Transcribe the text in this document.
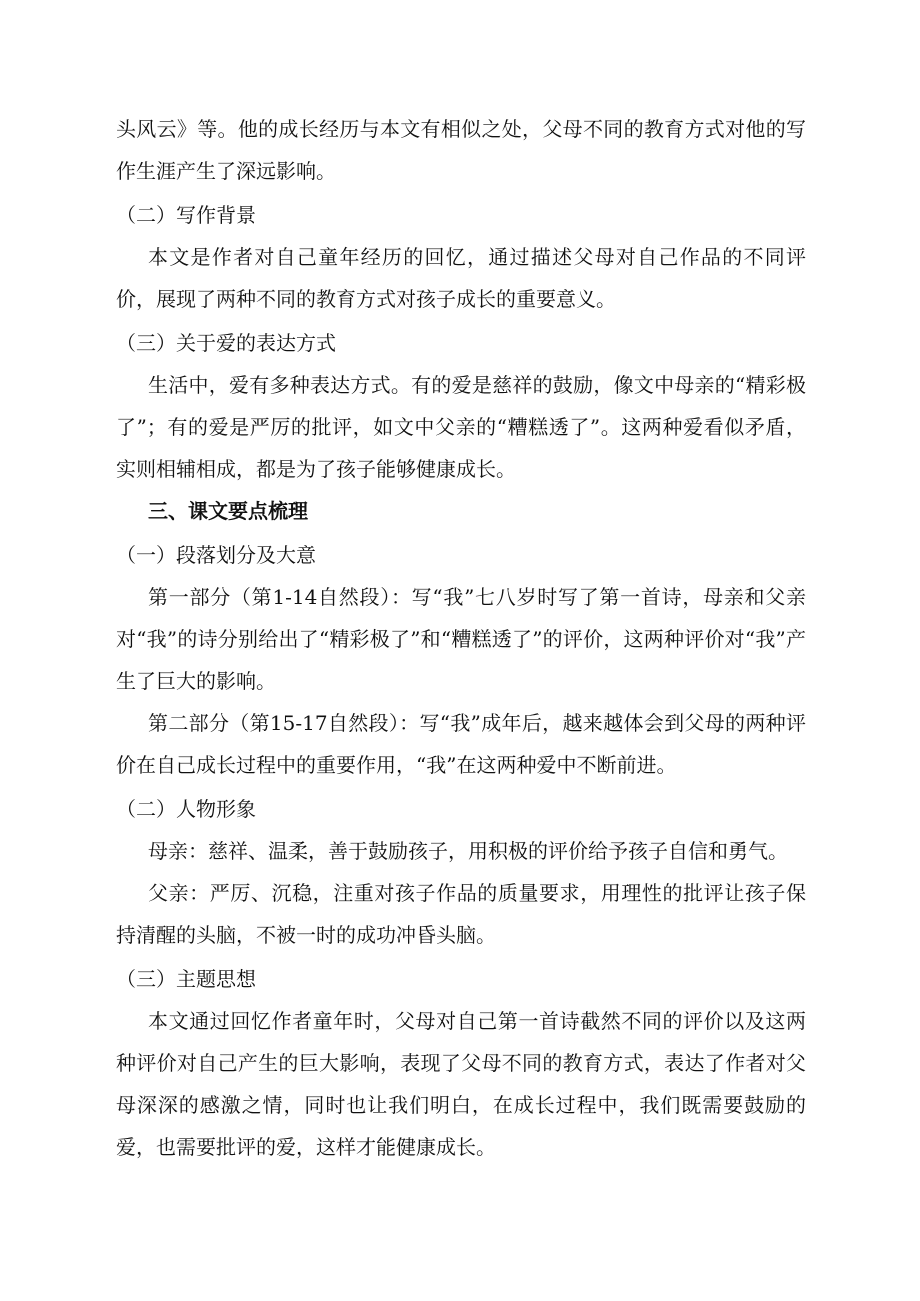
头风云》等。他的成长经历与本文有相似之处，父母不同的教育方式对他的写作生涯产生了深远影响。

（二）写作背景

本文是作者对自己童年经历的回忆，通过描述父母对自己作品的不同评价，展现了两种不同的教育方式对孩子成长的重要意义。

（三）关于爱的表达方式

生活中，爱有多种表达方式。有的爱是慈祥的鼓励，像文中母亲的“精彩极了”；有的爱是严厉的批评，如文中父亲的“糟糕透了”。这两种爱看似矛盾，实则相辅相成，都是为了孩子能够健康成长。

三、课文要点梳理

（一）段落划分及大意

第一部分（第1-14自然段）：写“我”七八岁时写了第一首诗，母亲和父亲对“我”的诗分别给出了“精彩极了”和“糟糕透了”的评价，这两种评价对“我”产生了巨大的影响。

第二部分（第15-17自然段）：写“我”成年后，越来越体会到父母的两种评价在自己成长过程中的重要作用，“我”在这两种爱中不断前进。

（二）人物形象

母亲：慈祥、温柔，善于鼓励孩子，用积极的评价给予孩子自信和勇气。

父亲：严厉、沉稳，注重对孩子作品的质量要求，用理性的批评让孩子保持清醒的头脑，不被一时的成功冲昏头脑。

（三）主题思想

本文通过回忆作者童年时，父母对自己第一首诗截然不同的评价以及这两种评价对自己产生的巨大影响，表现了父母不同的教育方式，表达了作者对父母深深的感激之情，同时也让我们明白，在成长过程中，我们既需要鼓励的爱，也需要批评的爱，这样才能健康成长。
